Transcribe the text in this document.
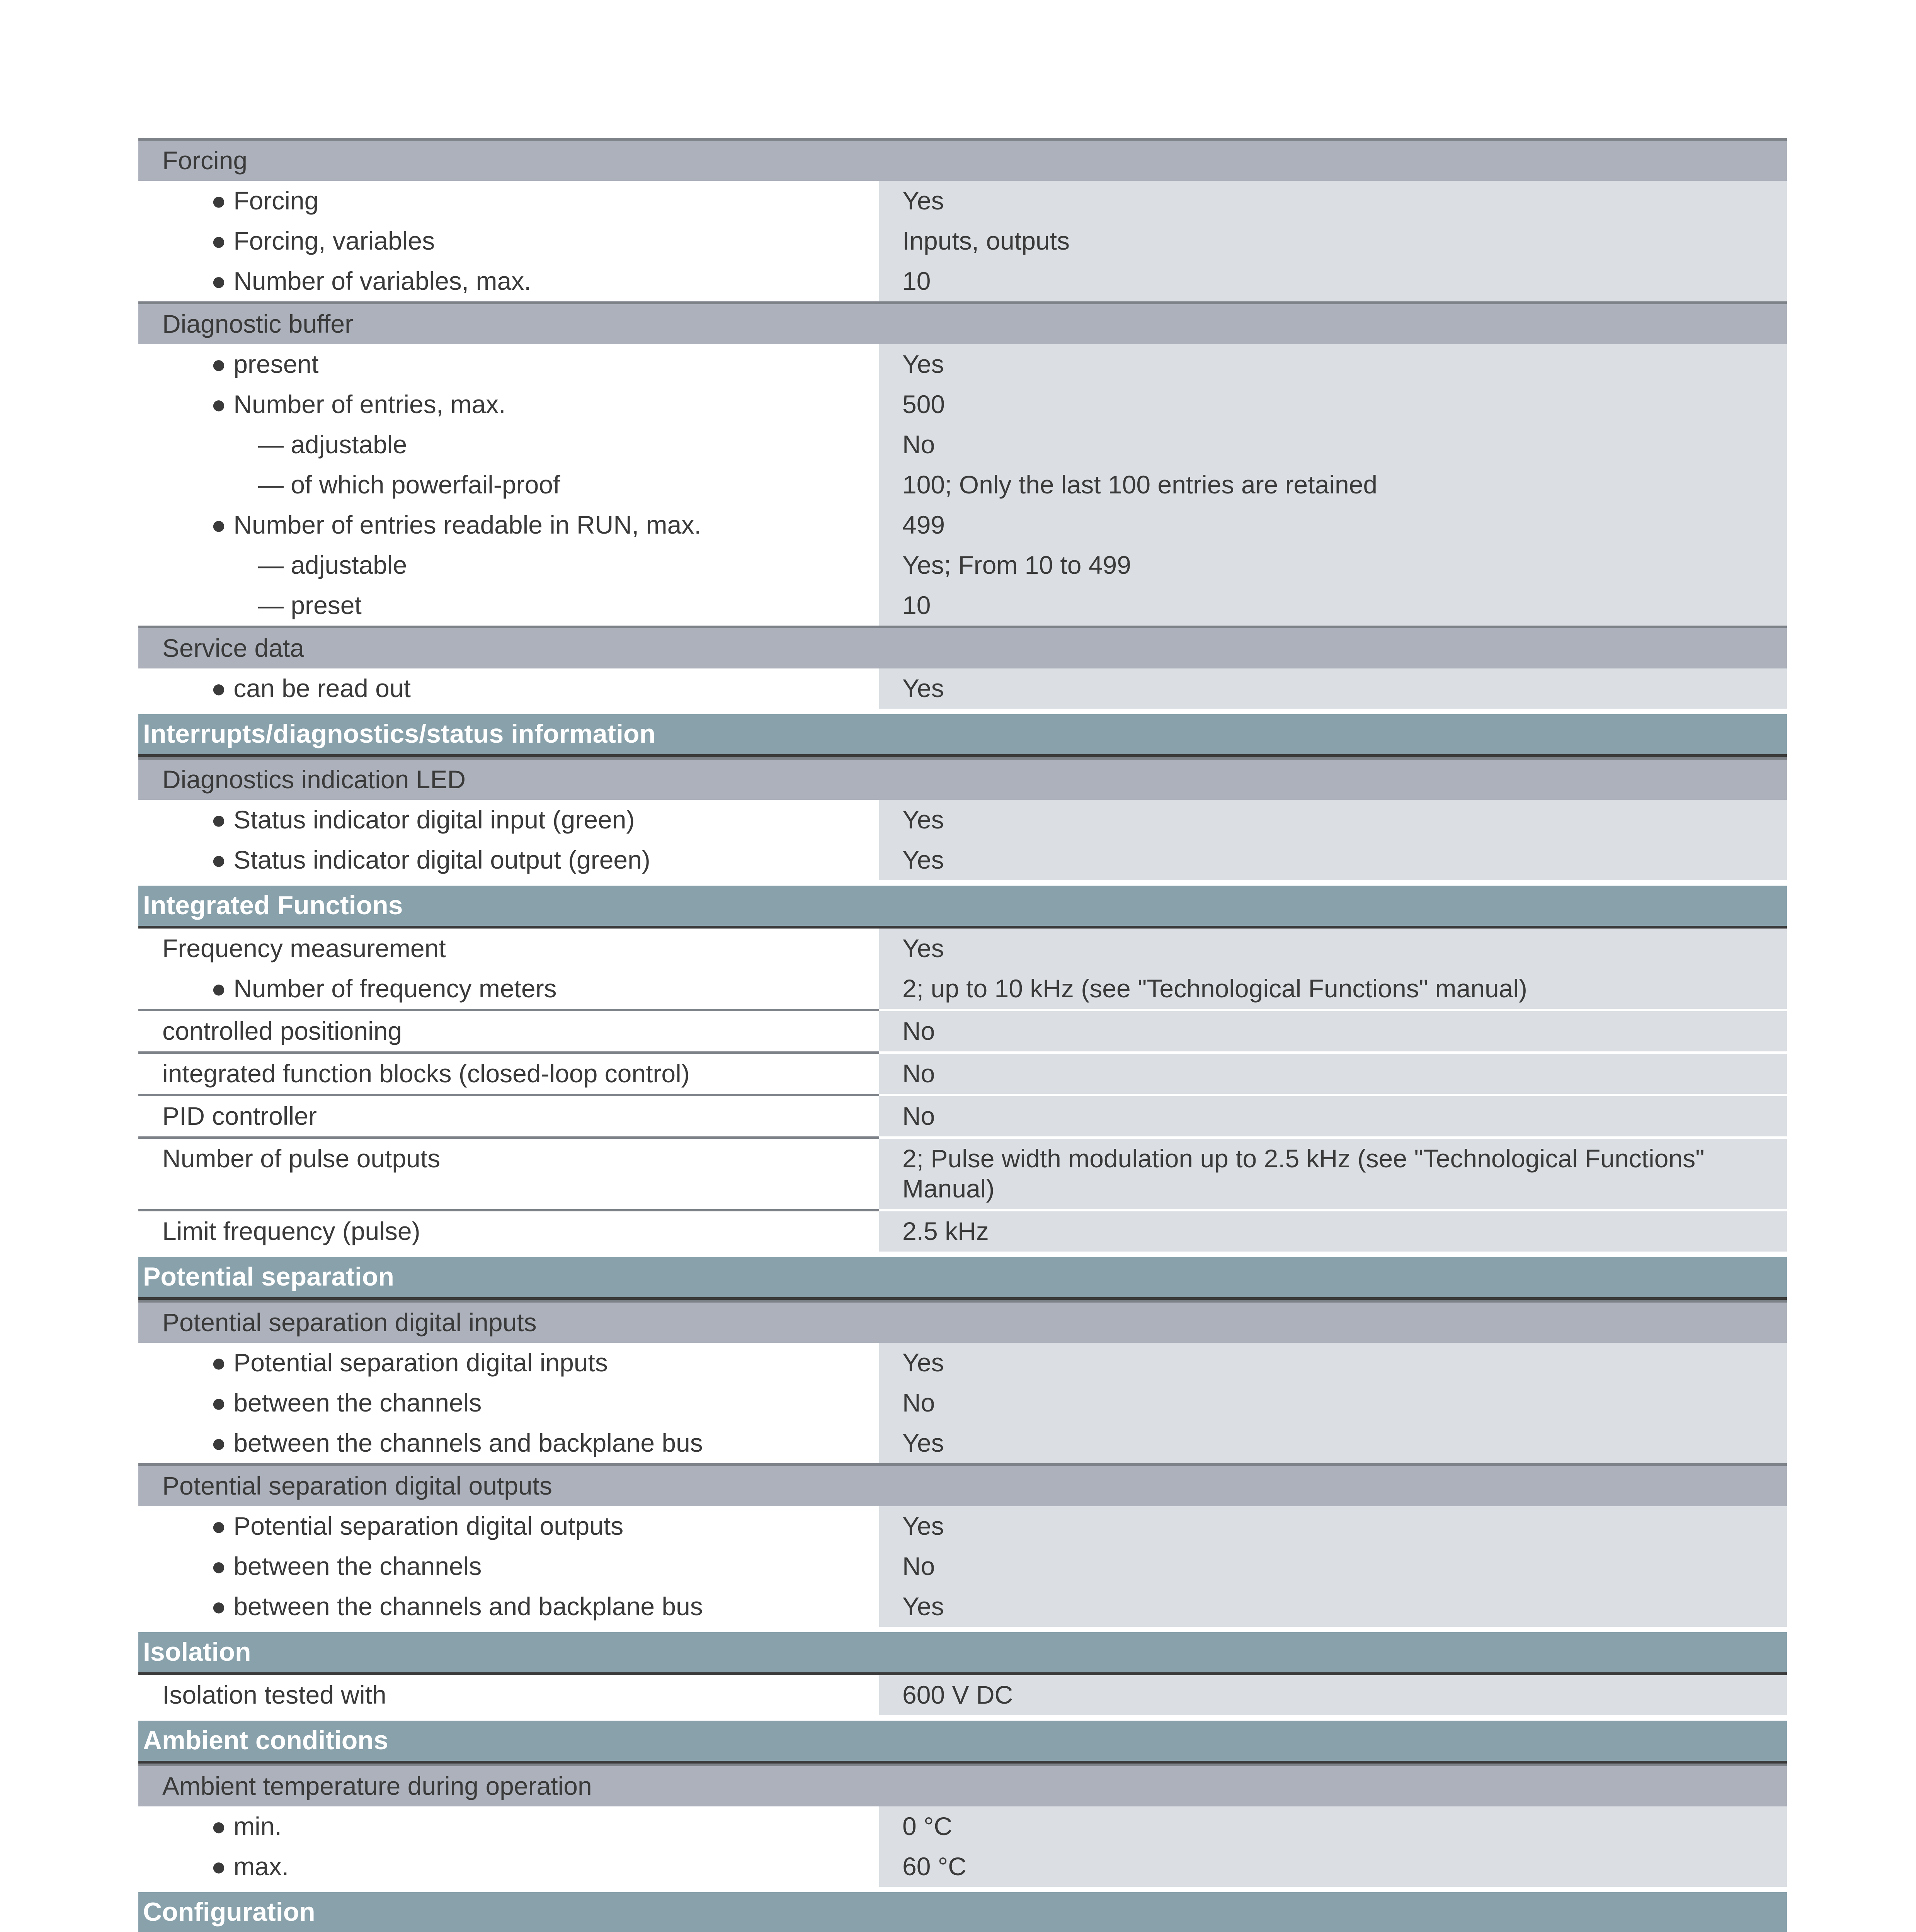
Forcing
● Forcing	Yes
● Forcing, variables	Inputs, outputs
● Number of variables, max.	10
Diagnostic buffer
● present	Yes
● Number of entries, max.	500
— adjustable	No
— of which powerfail-proof	100; Only the last 100 entries are retained
● Number of entries readable in RUN, max.	499
— adjustable	Yes; From 10 to 499
— preset	10
Service data
● can be read out	Yes
Interrupts/diagnostics/status information
Diagnostics indication LED
● Status indicator digital input (green)	Yes
● Status indicator digital output (green)	Yes
Integrated Functions
Frequency measurement	Yes
● Number of frequency meters	2; up to 10 kHz (see "Technological Functions" manual)
controlled positioning	No
integrated function blocks (closed-loop control)	No
PID controller	No
Number of pulse outputs	2; Pulse width modulation up to 2.5 kHz (see "Technological Functions" Manual)
Limit frequency (pulse)	2.5 kHz
Potential separation
Potential separation digital inputs
● Potential separation digital inputs	Yes
● between the channels	No
● between the channels and backplane bus	Yes
Potential separation digital outputs
● Potential separation digital outputs	Yes
● between the channels	No
● between the channels and backplane bus	Yes
Isolation
Isolation tested with	600 V DC
Ambient conditions
Ambient temperature during operation
● min.	0 °C
● max.	60 °C
Configuration
